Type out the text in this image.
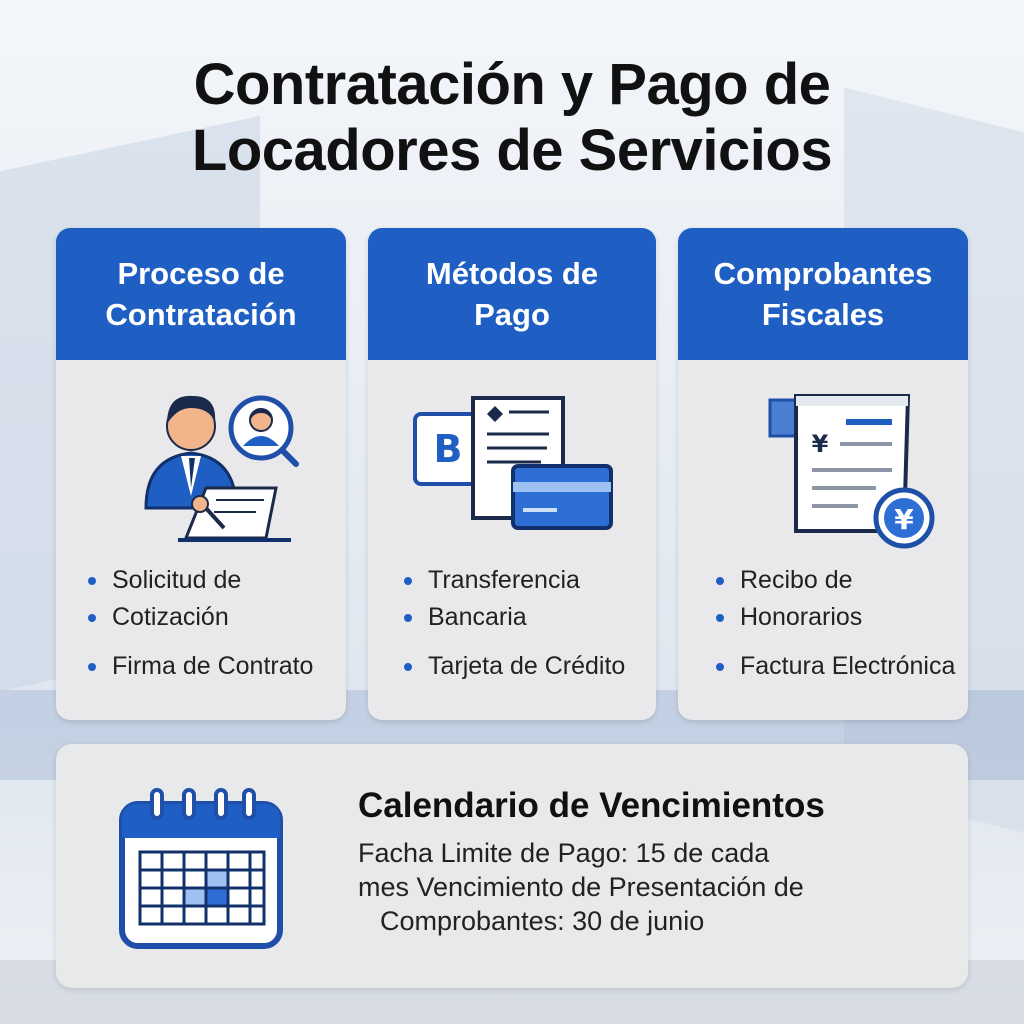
Contratación y Pago de
Locadores de Servicios
Proceso de
Contratación
Solicitud de
Cotización
Firma de Contrato
Métodos de
Pago
B
Transferencia
Bancaria
Tarjeta de Crédito
Comprobantes
Fiscales
¥
¥
Recibo de
Honorarios
Factura Electrónica
Calendario de Vencimientos
Facha Limite de Pago: 15 de cada
mes Vencimiento de Presentación de
Comprobantes: 30 de junio
